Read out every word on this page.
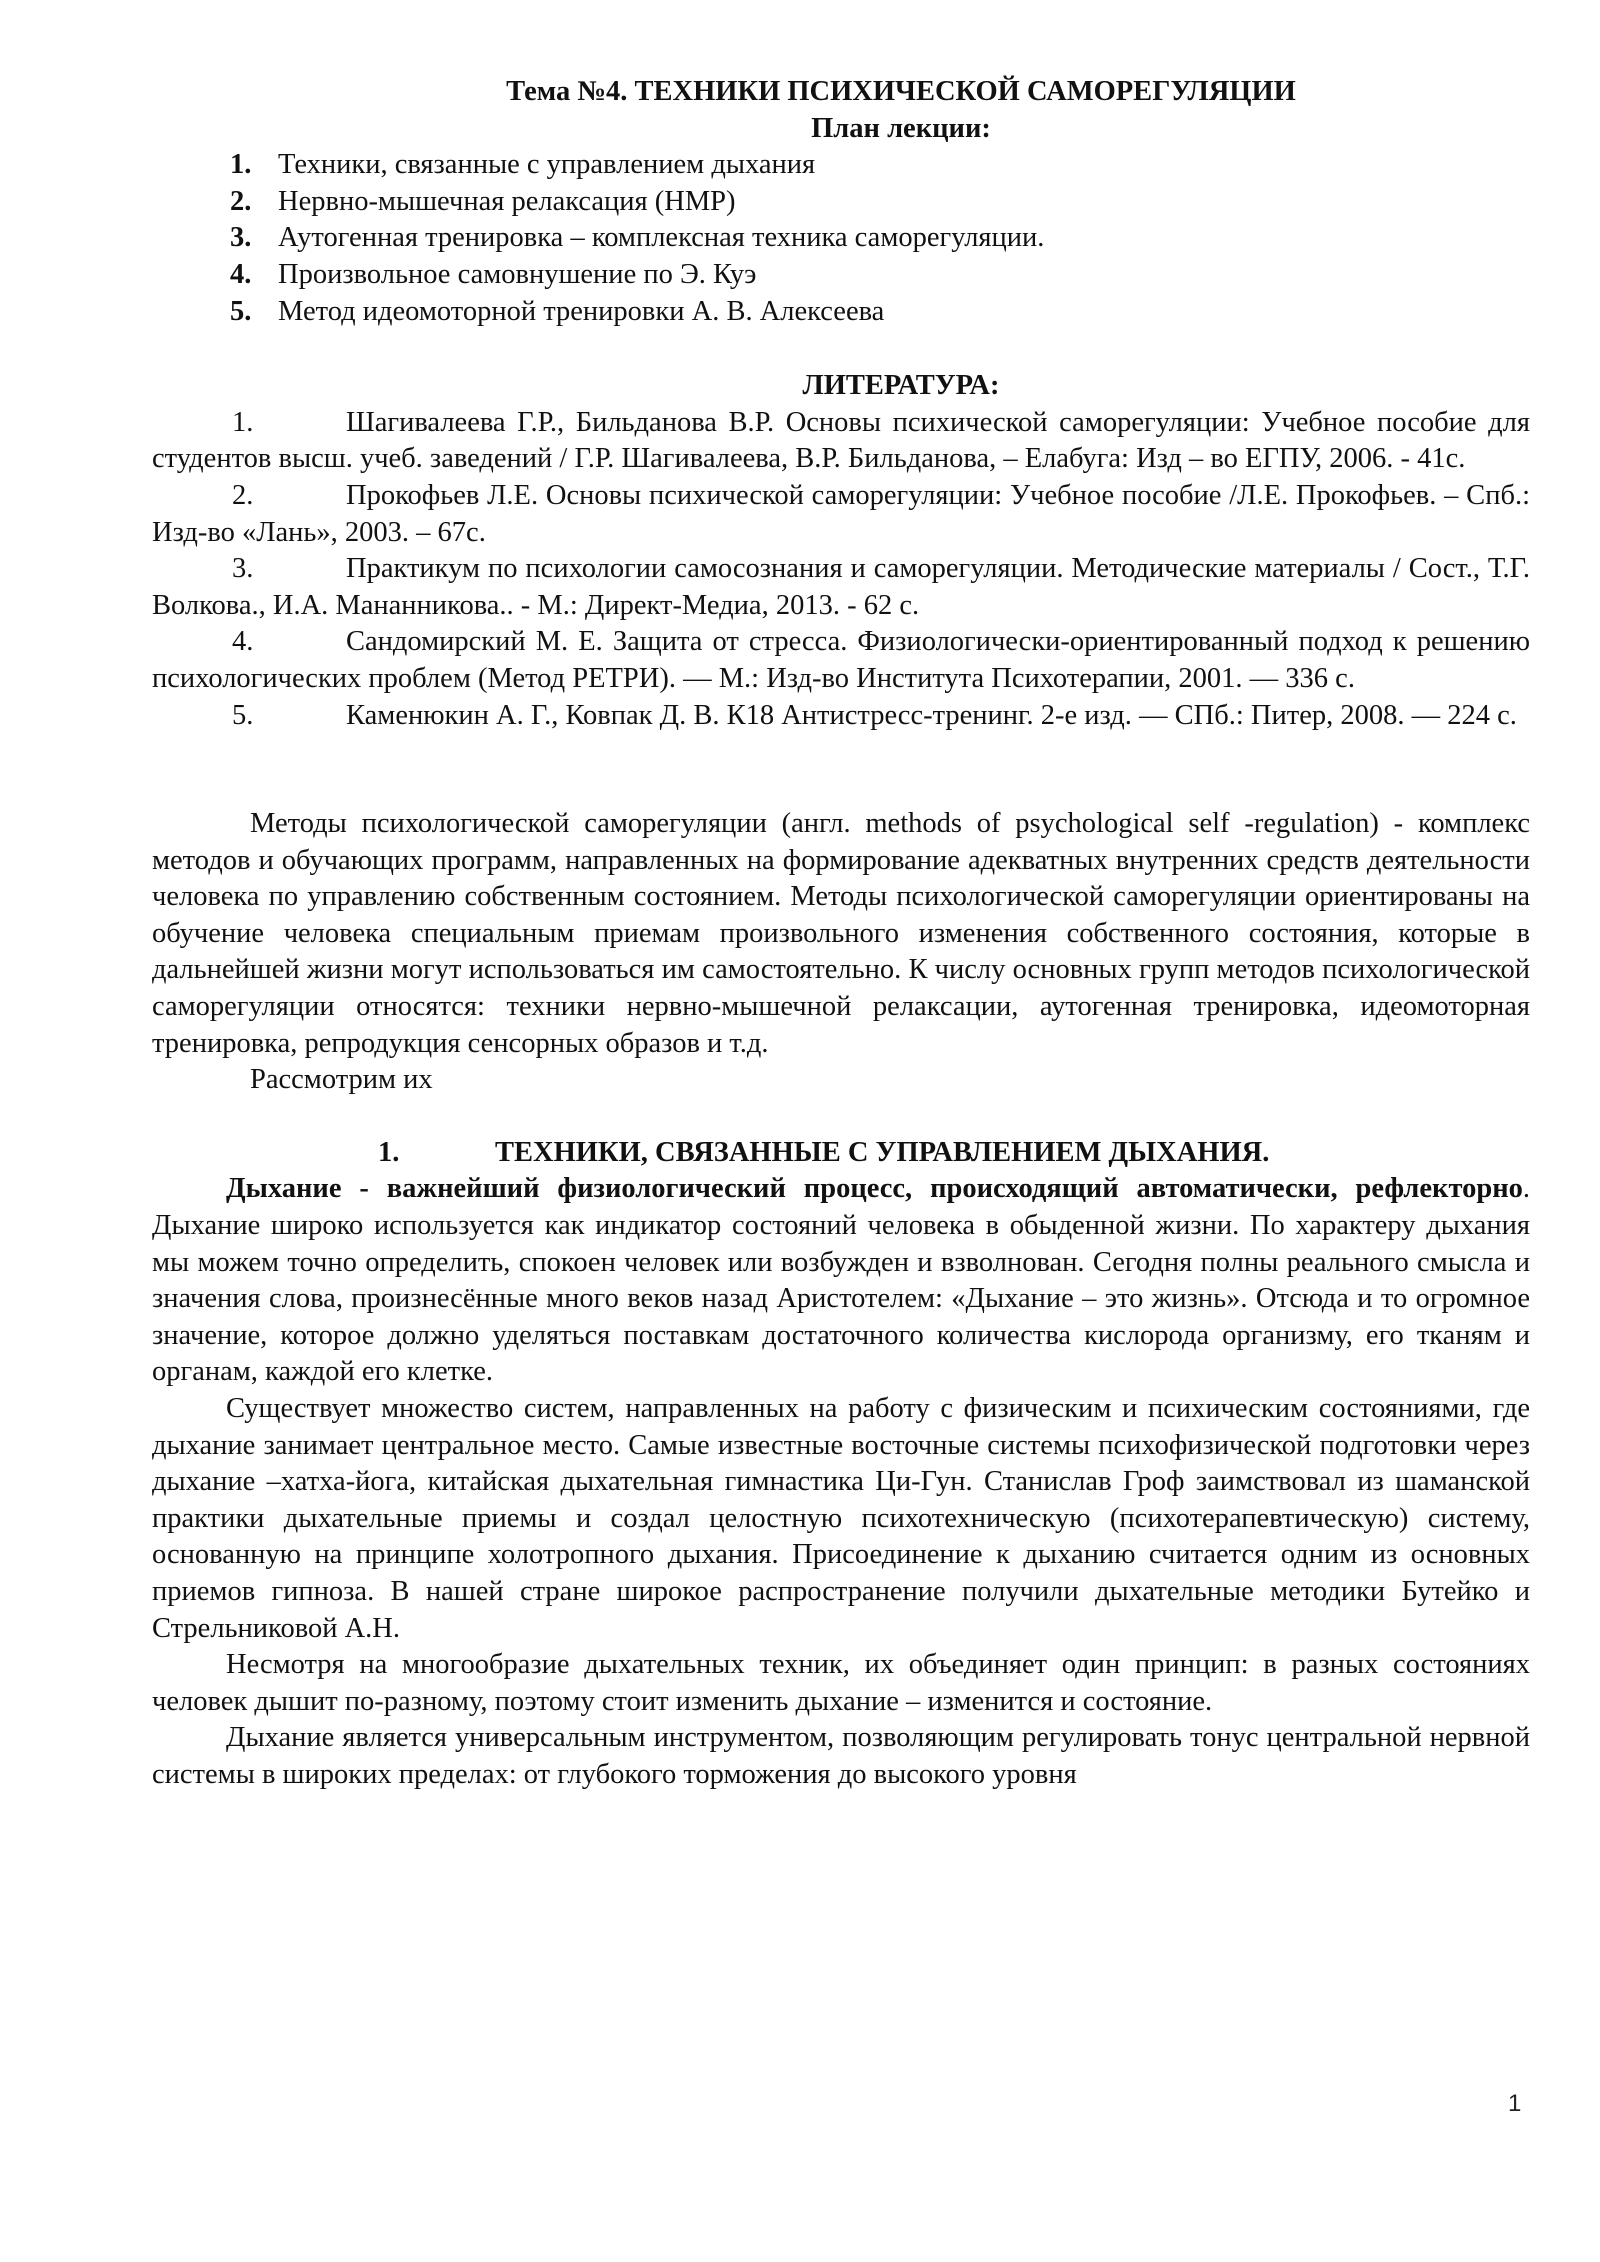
Тема №4. ТЕХНИКИ ПСИХИЧЕСКОЙ САМОРЕГУЛЯЦИИ

План лекции:

1. Техники, связанные с управлением дыхания
2. Нервно-мышечная релаксация (НМР)
3. Аутогенная тренировка – комплексная техника саморегуляции.
4. Произвольное самовнушение по Э. Куэ
5. Метод идеомоторной тренировки А. В. Алексеева

ЛИТЕРАТУРА:

1.	Шагивалеева Г.Р., Бильданова В.Р. Основы психической саморегуляции: Учебное пособие для студентов высш. учеб. заведений / Г.Р. Шагивалеева, В.Р. Бильданова, – Елабуга: Изд – во ЕГПУ, 2006. - 41с.

2.	Прокофьев Л.Е. Основы психической саморегуляции: Учебное пособие /Л.Е. Прокофьев. – Спб.: Изд-во «Лань», 2003. – 67с.

3.	Практикум по психологии самосознания и саморегуляции. Методические материалы / Сост., Т.Г. Волкова., И.А. Мананникова.. - М.: Директ-Медиа, 2013. - 62 с.

4.	Сандомирский М. Е. Защита от стресса. Физиологически-ориентированный подход к решению психологических проблем (Метод РЕТРИ). — М.: Изд-во Института Психотерапии, 2001. — 336 с.

5.	Каменюкин А. Г., Ковпак Д. В. К18 Антистресс-тренинг. 2-е изд. — СПб.: Питер, 2008. — 224 с.

Методы психологической саморегуляции (англ. methods of psychological self -regulation) - комплекс методов и обучающих программ, направленных на формирование адекватных внутренних средств деятельности человека по управлению собственным состоянием. Методы психологической саморегуляции ориентированы на обучение человека специальным приемам произвольного изменения собственного состояния, которые в дальнейшей жизни могут использоваться им самостоятельно. К числу основных групп методов психологической саморегуляции относятся: техники нервно-мышечной релаксации, аутогенная тренировка, идеомоторная тренировка, репродукция сенсорных образов и т.д.

Рассмотрим их

1.	ТЕХНИКИ, СВЯЗАННЫЕ С УПРАВЛЕНИЕМ ДЫХАНИЯ.

Дыхание - важнейший физиологический процесс, происходящий автоматически, рефлекторно. Дыхание широко используется как индикатор состояний человека в обыденной жизни. По характеру дыхания мы можем точно определить, спокоен человек или возбужден и взволнован. Сегодня полны реального смысла и значения слова, произнесённые много веков назад Аристотелем: «Дыхание – это жизнь». Отсюда и то огромное значение, которое должно уделяться поставкам достаточного количества кислорода организму, его тканям и органам, каждой его клетке.

Существует множество систем, направленных на работу с физическим и психическим состояниями, где дыхание занимает центральное место. Самые известные восточные системы психофизической подготовки через дыхание –хатха-йога, китайская дыхательная гимнастика Ци-Гун. Станислав Гроф заимствовал из шаманской практики дыхательные приемы и создал целостную психотехническую (психотерапевтическую) систему, основанную на принципе холотропного дыхания. Присоединение к дыханию считается одним из основных приемов гипноза. В нашей стране широкое распространение получили дыхательные методики Бутейко и Стрельниковой А.Н.

Несмотря на многообразие дыхательных техник, их объединяет один принцип: в разных состояниях человек дышит по-разному, поэтому стоит изменить дыхание – изменится и состояние.

Дыхание является универсальным инструментом, позволяющим регулировать тонус центральной нервной системы в широких пределах: от глубокого торможения до высокого уровня

1
